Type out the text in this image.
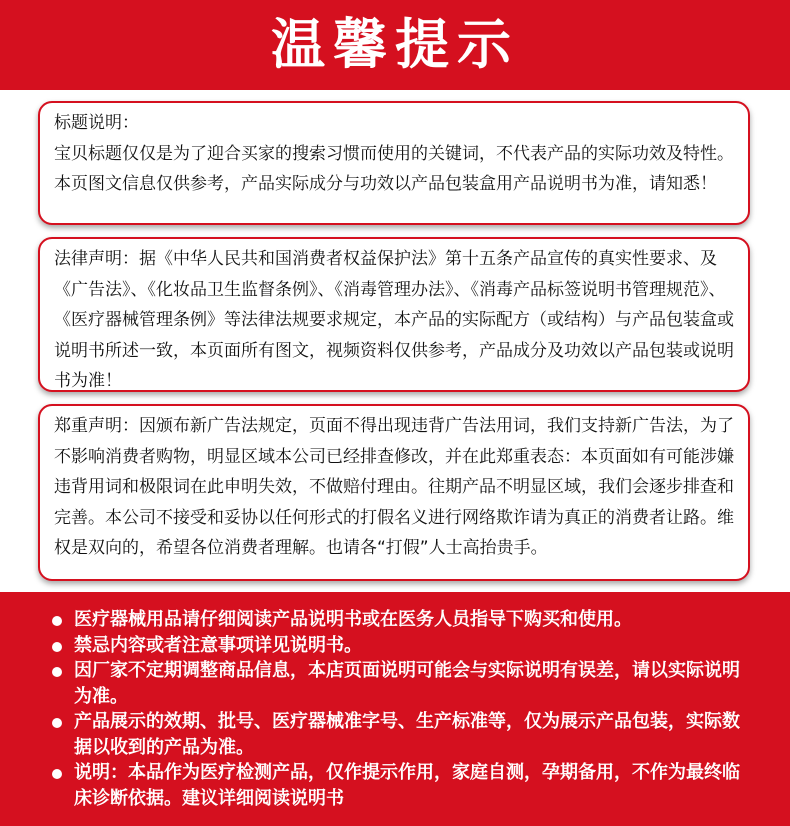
温馨提示
标题说明：
宝贝标题仅仅是为了迎合买家的搜索习惯而使用的关键词，不代表产品的实际功效及特性。本页图文信息仅供参考，产品实际成分与功效以产品包装盒用产品说明书为准，请知悉！
法律声明：据《中华人民共和国消费者权益保护法》第十五条产品宣传的真实性要求、及《广告法》、《化妆品卫生监督条例》、《消毒管理办法》、《消毒产品标签说明书管理规范》、《医疗器械管理条例》等法律法规要求规定，本产品的实际配方（或结构）与产品包装盒或说明书所述一致，本页面所有图文，视频资料仅供参考，产品成分及功效以产品包装或说明书为准！
郑重声明：因颁布新广告法规定，页面不得出现违背广告法用词，我们支持新广告法，为了不影响消费者购物，明显区域本公司已经排查修改，并在此郑重表态：本页面如有可能涉嫌违背用词和极限词在此申明失效，不做赔付理由。往期产品不明显区域，我们会逐步排查和完善。本公司不接受和妥协以任何形式的打假名义进行网络欺诈请为真正的消费者让路。维权是双向的，希望各位消费者理解。也请各“打假”人士高抬贵手。
医疗器械用品请仔细阅读产品说明书或在医务人员指导下购买和使用。
禁忌内容或者注意事项详见说明书。
因厂家不定期调整商品信息，本店页面说明可能会与实际说明有误差，请以实际说明为准。
产品展示的效期、批号、医疗器械准字号、生产标准等，仅为展示产品包装，实际数据以收到的产品为准。
说明：本品作为医疗检测产品，仅作提示作用，家庭自测，孕期备用，不作为最终临床诊断依据。建议详细阅读说明书
